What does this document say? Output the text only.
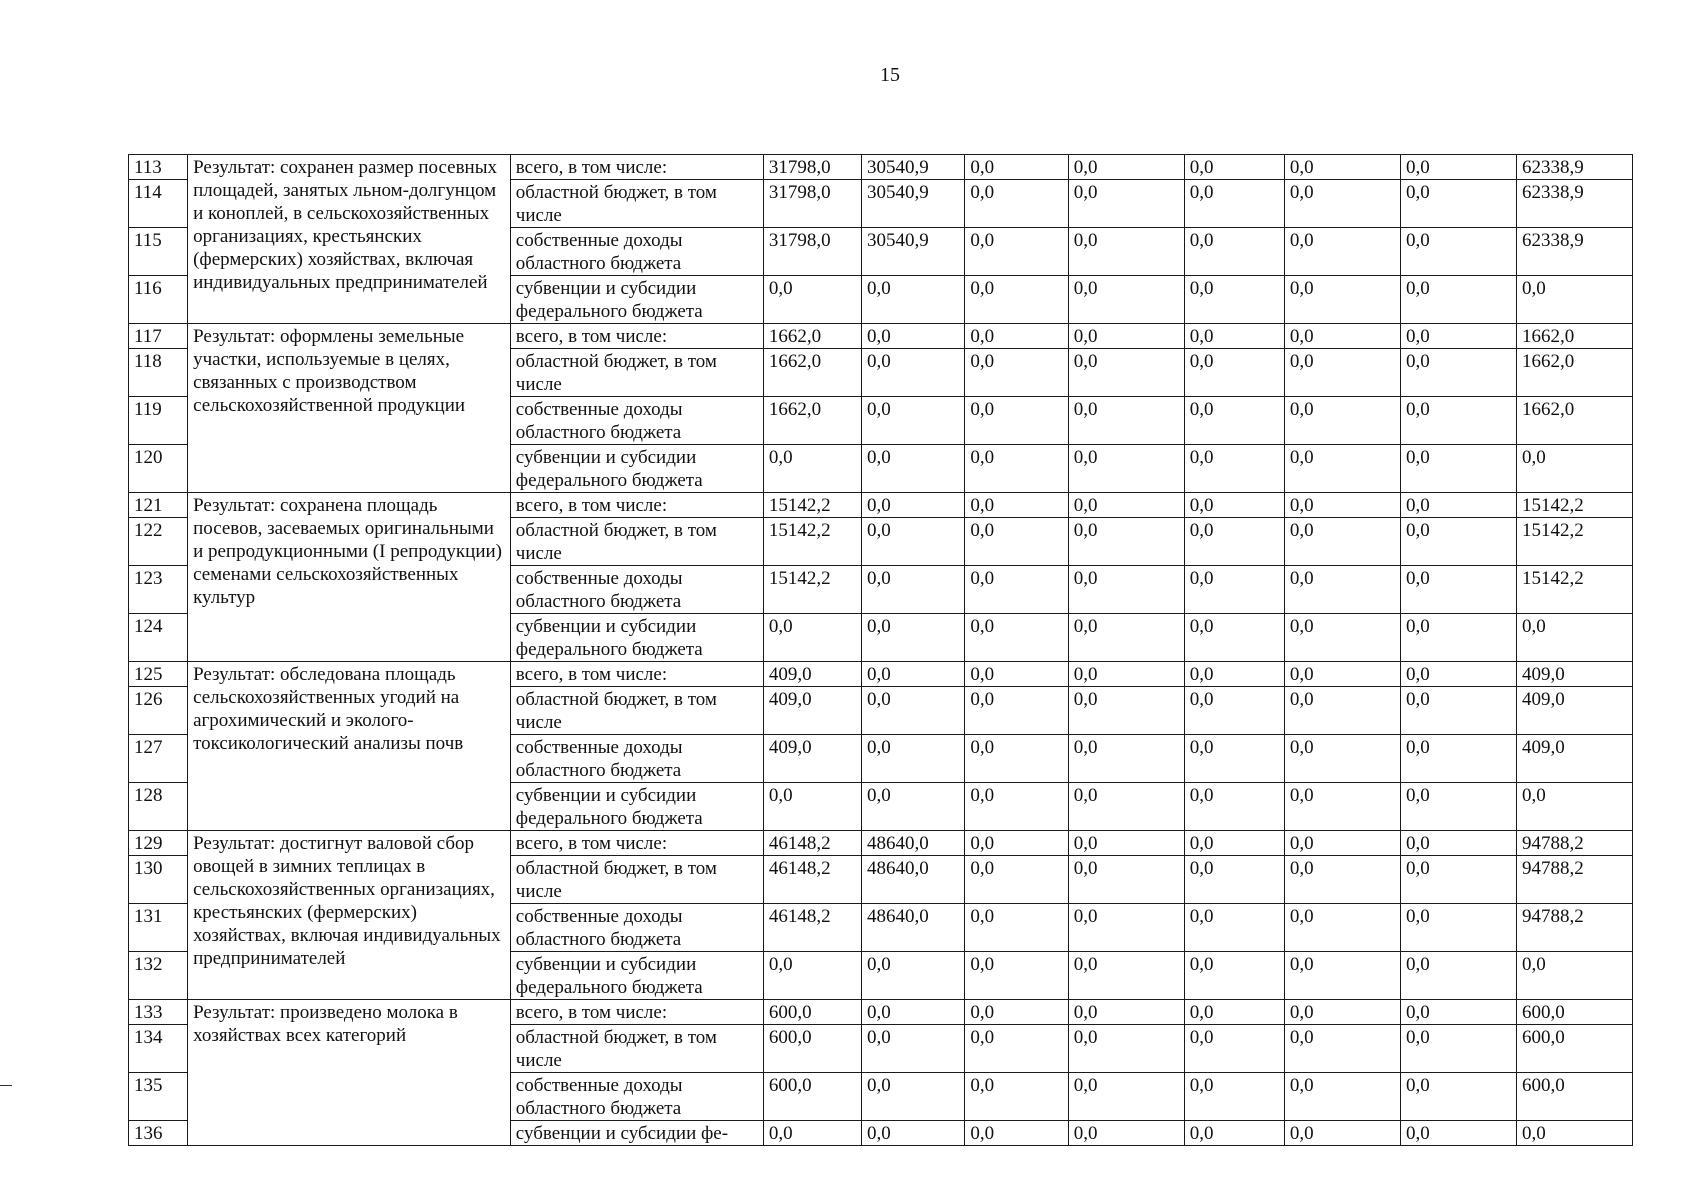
15
113	Результат: сохранен размер посевных площадей, занятых льном-долгунцом и коноплей, в сельскохозяйственных организациях, крестьянских (фермерских) хозяйствах, включая индивидуальных предпринимателей	всего, в том числе:	31798,0	30540,9	0,0	0,0	0,0	0,0	0,0	62338,9
114		областной бюджет, в том числе	31798,0	30540,9	0,0	0,0	0,0	0,0	0,0	62338,9
115		собственные доходы областного бюджета	31798,0	30540,9	0,0	0,0	0,0	0,0	0,0	62338,9
116		субвенции и субсидии федерального бюджета	0,0	0,0	0,0	0,0	0,0	0,0	0,0	0,0
117	Результат: оформлены земельные участки, используемые в целях, связанных с производством сельскохозяйственной продукции	всего, в том числе:	1662,0	0,0	0,0	0,0	0,0	0,0	0,0	1662,0
118		областной бюджет, в том числе	1662,0	0,0	0,0	0,0	0,0	0,0	0,0	1662,0
119		собственные доходы областного бюджета	1662,0	0,0	0,0	0,0	0,0	0,0	0,0	1662,0
120		субвенции и субсидии федерального бюджета	0,0	0,0	0,0	0,0	0,0	0,0	0,0	0,0
121	Результат: сохранена площадь посевов, засеваемых оригинальными и репродукционными (I репродукции) семенами сельскохозяйственных культур	всего, в том числе:	15142,2	0,0	0,0	0,0	0,0	0,0	0,0	15142,2
122		областной бюджет, в том числе	15142,2	0,0	0,0	0,0	0,0	0,0	0,0	15142,2
123		собственные доходы областного бюджета	15142,2	0,0	0,0	0,0	0,0	0,0	0,0	15142,2
124		субвенции и субсидии федерального бюджета	0,0	0,0	0,0	0,0	0,0	0,0	0,0	0,0
125	Результат: обследована площадь сельскохозяйственных угодий на агрохимический и эколого-токсикологический анализы почв	всего, в том числе:	409,0	0,0	0,0	0,0	0,0	0,0	0,0	409,0
126		областной бюджет, в том числе	409,0	0,0	0,0	0,0	0,0	0,0	0,0	409,0
127		собственные доходы областного бюджета	409,0	0,0	0,0	0,0	0,0	0,0	0,0	409,0
128		субвенции и субсидии федерального бюджета	0,0	0,0	0,0	0,0	0,0	0,0	0,0	0,0
129	Результат: достигнут валовой сбор овощей в зимних теплицах в сельскохозяйственных организациях, крестьянских (фермерских) хозяйствах, включая индивидуальных предпринимателей	всего, в том числе:	46148,2	48640,0	0,0	0,0	0,0	0,0	0,0	94788,2
130		областной бюджет, в том числе	46148,2	48640,0	0,0	0,0	0,0	0,0	0,0	94788,2
131		собственные доходы областного бюджета	46148,2	48640,0	0,0	0,0	0,0	0,0	0,0	94788,2
132		субвенции и субсидии федерального бюджета	0,0	0,0	0,0	0,0	0,0	0,0	0,0	0,0
133	Результат: произведено молока в хозяйствах всех категорий	всего, в том числе:	600,0	0,0	0,0	0,0	0,0	0,0	0,0	600,0
134		областной бюджет, в том числе	600,0	0,0	0,0	0,0	0,0	0,0	0,0	600,0
135		собственные доходы областного бюджета	600,0	0,0	0,0	0,0	0,0	0,0	0,0	600,0
136		субвенции и субсидии фе-	0,0	0,0	0,0	0,0	0,0	0,0	0,0	0,0
